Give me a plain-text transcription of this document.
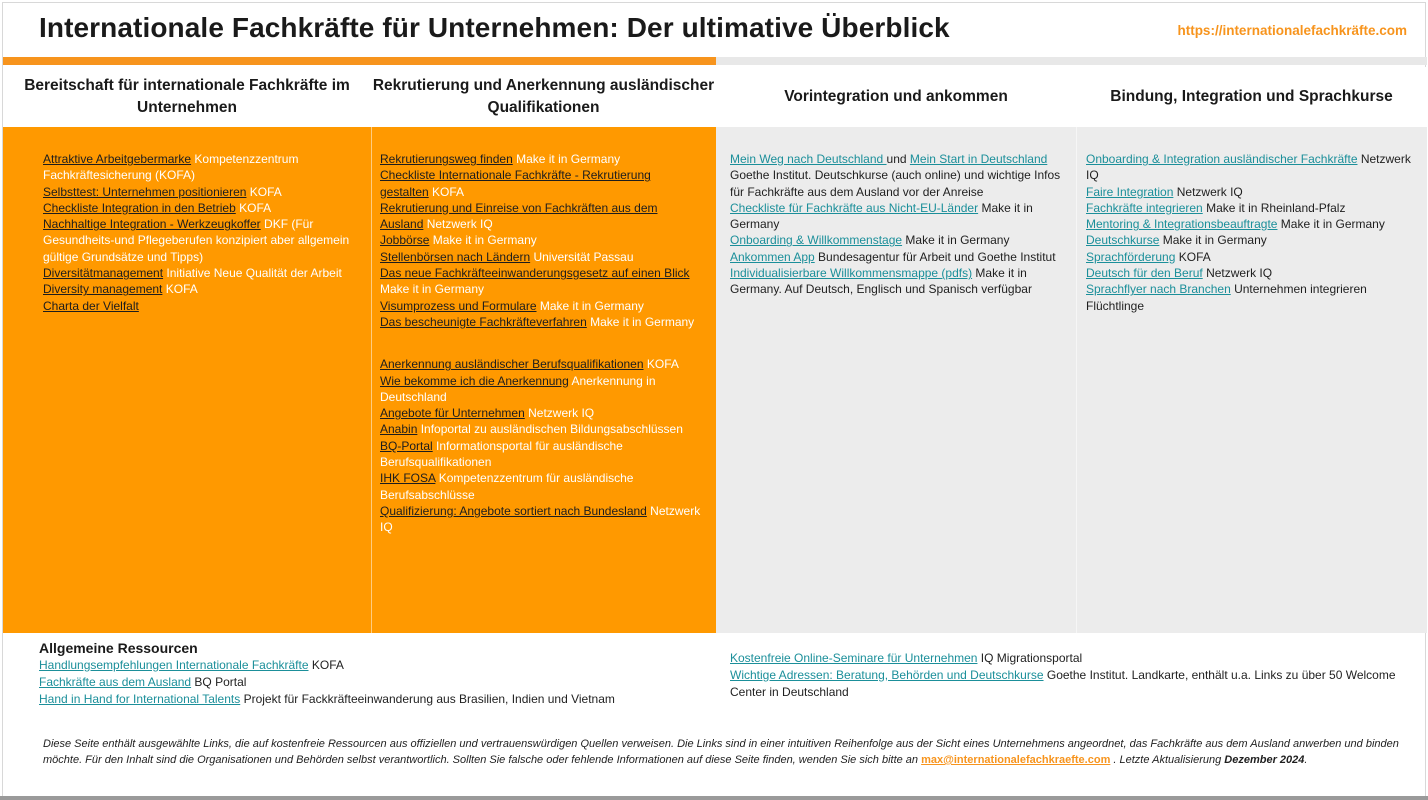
Internationale Fachkräfte für Unternehmen: Der ultimative Überblick	https://internationalefachkräfte.com
Bereitschaft für internationale Fachkräfte im Unternehmen
Rekrutierung und Anerkennung ausländischer Qualifikationen
Vorintegration und ankommen	Bindung, Integration und Sprachkurse
Attraktive Arbeitgebermarke Kompetenzzentrum Fachkräftesicherung (KOFA)
Selbsttest: Unternehmen positionieren KOFA
Checkliste Integration in den Betrieb KOFA
Nachhaltige Integration - Werkzeugkoffer DKF (Für Gesundheits-und Pflegeberufen konzipiert aber allgemein gültige Grundsätze und Tipps)
Diversitätmanagement Initiative Neue Qualität der Arbeit
Diversity management KOFA
Charta der Vielfalt
Rekrutierungsweg finden Make it in Germany
Checkliste Internationale Fachkräfte - Rekrutierung gestalten KOFA
Rekrutierung und Einreise von Fachkräften aus dem Ausland Netzwerk IQ
Jobbörse Make it in Germany
Stellenbörsen nach Ländern Universität Passau
Das neue Fachkräfteeinwanderungsgesetz auf einen Blick Make it in Germany
Visumprozess und Formulare Make it in Germany
Das bescheunigte Fachkräfteverfahren Make it in Germany
Anerkennung ausländischer Berufsqualifikationen KOFA
Wie bekomme ich die Anerkennung Anerkennung in Deutschland
Angebote für Unternehmen Netzwerk IQ
Anabin Infoportal zu ausländischen Bildungsabschlüssen
BQ-Portal Informationsportal für ausländische Berufsqualifikationen
IHK FOSA Kompetenzzentrum für ausländische Berufsabschlüsse
Qualifizierung: Angebote sortiert nach Bundesland Netzwerk IQ
Mein Weg nach Deutschland und Mein Start in Deutschland Goethe Institut. Deutschkurse (auch online) und wichtige Infos für Fachkräfte aus dem Ausland vor der Anreise
Checkliste für Fachkräfte aus Nicht-EU-Länder Make it in Germany
Onboarding & Willkommenstage Make it in Germany
Ankommen App Bundesagentur für Arbeit und Goethe Institut
Individualisierbare Willkommensmappe (pdfs) Make it in Germany. Auf Deutsch, Englisch und Spanisch verfügbar
Onboarding & Integration ausländischer Fachkräfte Netzwerk IQ
Faire Integration Netzwerk IQ
Fachkräfte integrieren Make it in Rheinland-Pfalz
Mentoring & Integrationsbeauftragte Make it in Germany
Deutschkurse Make it in Germany
Sprachförderung KOFA
Deutsch für den Beruf Netzwerk IQ
Sprachflyer nach Branchen Unternehmen integrieren Flüchtlinge
Allgemeine Ressourcen
Handlungsempfehlungen Internationale Fachkräfte KOFA
Fachkräfte aus dem Ausland BQ Portal
Hand in Hand for International Talents Projekt für Fackkräfteeinwanderung aus Brasilien, Indien und Vietnam
Kostenfreie Online-Seminare für Unternehmen IQ Migrationsportal
Wichtige Adressen: Beratung, Behörden und Deutschkurse Goethe Institut. Landkarte, enthält u.a. Links zu über 50 Welcome Center in Deutschland
Diese Seite enthält ausgewählte Links, die auf kostenfreie Ressourcen aus offiziellen und vertrauenswürdigen Quellen verweisen. Die Links sind in einer intuitiven Reihenfolge aus der Sicht eines Unternehmens angeordnet, das Fachkräfte aus dem Ausland anwerben und binden möchte. Für den Inhalt sind die Organisationen und Behörden selbst verantwortlich. Sollten Sie falsche oder fehlende Informationen auf diese Seite finden, wenden Sie sich bitte an max@internationalefachkraefte.com . Letzte Aktualisierung Dezember 2024.
